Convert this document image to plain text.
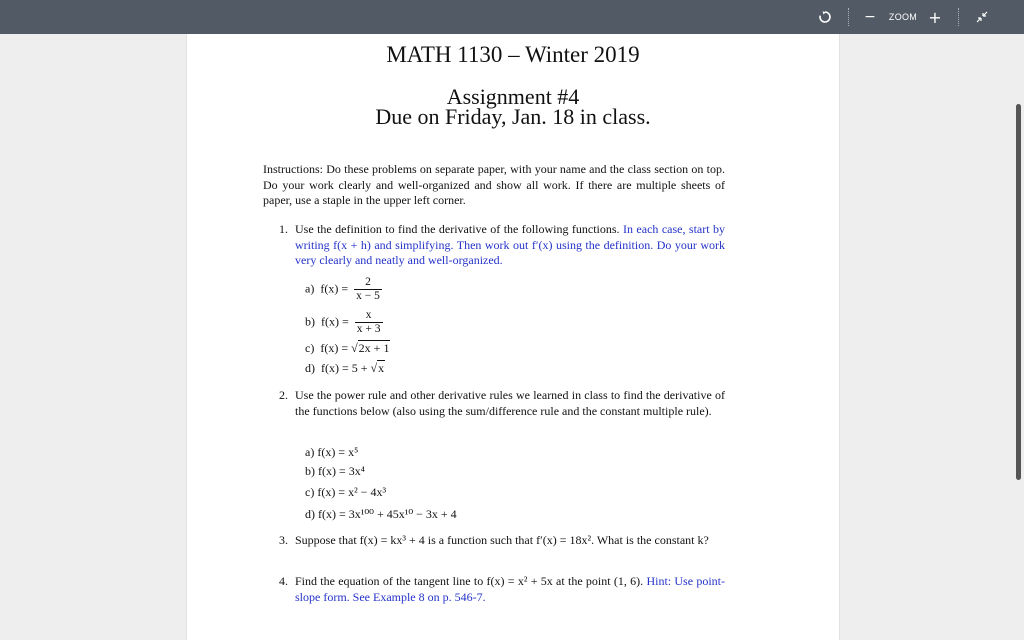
−	ZOOM +
MATH 1130 – Winter 2019
Assignment #4
Due on Friday, Jan. 18 in class.
Instructions: Do these problems on separate paper, with your name and the class section on top. Do your work clearly and well-organized and show all work. If there are multiple sheets of paper, use a staple in the upper left corner.
1. Use the definition to find the derivative of the following functions. In each case, start by writing f(x + h) and simplifying. Then work out f′(x) using the definition. Do your work very clearly and neatly and well-organized.
a) $f(x) = \frac{2}{x - 5}$
b) $f(x) = \frac{x}{x + 3}$
c) f(x) = √2x + 1
d) f(x) = 5 + √x
2. Use the power rule and other derivative rules we learned in class to find the derivative of the functions below (also using the sum/difference rule and the constant multiple rule).
a) f(x) = x⁵
b) f(x) = 3x⁴
c) f(x) = x² − 4x³
d) f(x) = 3x¹⁰⁰ + 45x¹⁰ − 3x + 4
3. Suppose that f(x) = kx³ + 4 is a function such that f′(x) = 18x². What is the constant k?
4. Find the equation of the tangent line to f(x) = x² + 5x at the point (1, 6). Hint: Use point-slope form. See Example 8 on p. 546-7.
